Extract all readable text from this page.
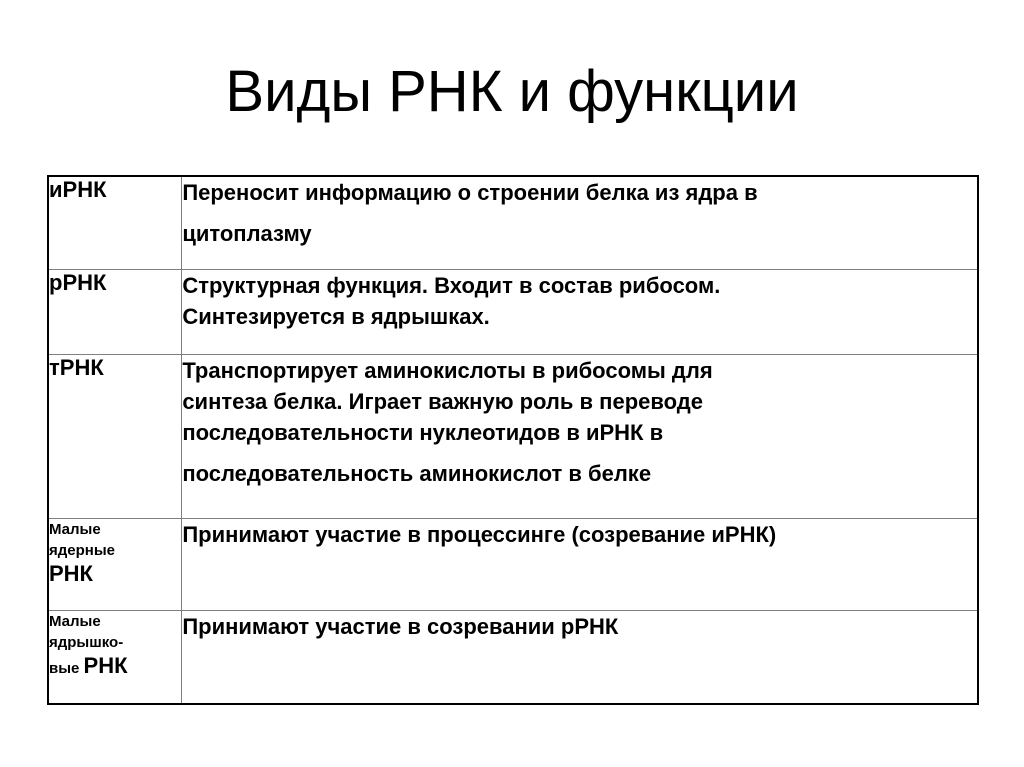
Виды РНК и функции
иРНК	Переносит информацию о строении белка из ядра в
цитоплазму

рРНК	Структурная функция. Входит в состав рибосом.
Синтезируется в ядрышках.

тРНК	Транспортирует аминокислоты в рибосомы для
синтеза белка. Играет важную роль в переводе
последовательности нуклеотидов в иРНК в
последовательность аминокислот в белке

Малые
ядерные
РНК	Принимают участие в процессинге (созревание иРНК)

Малые
ядрышко-
вые РНК	Принимают участие в созревании рРНК
